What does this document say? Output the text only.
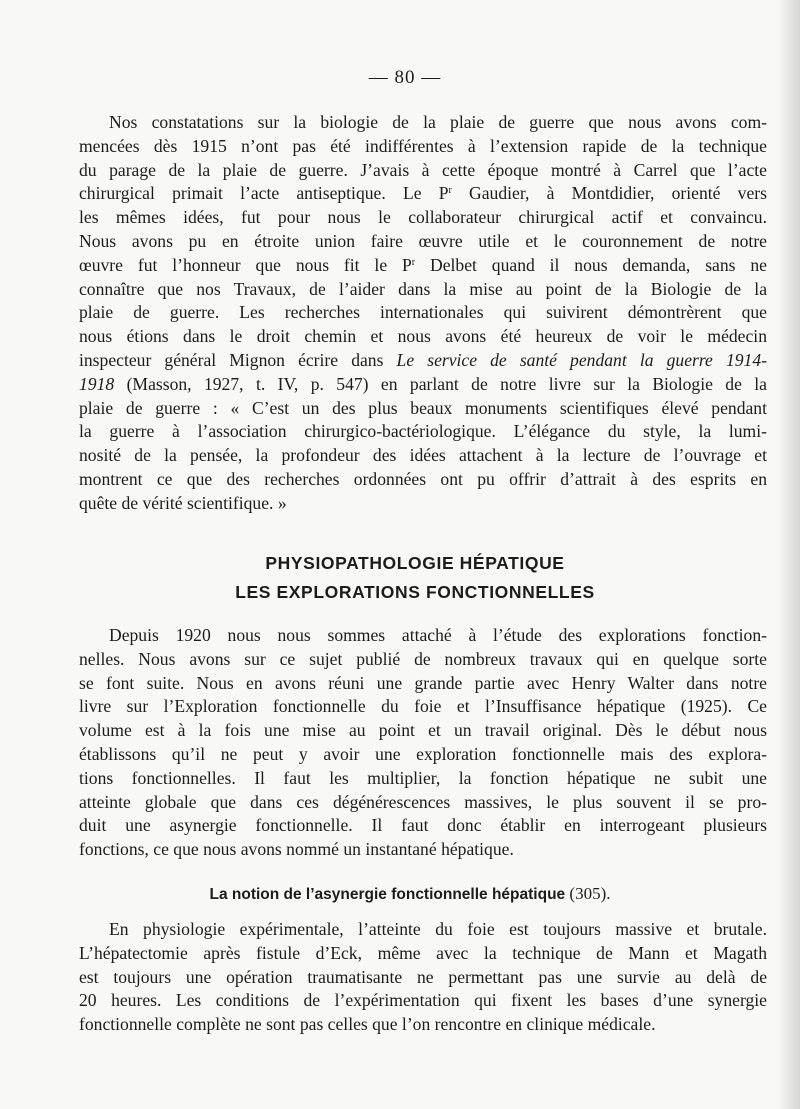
— 80 —
Nos constatations sur la biologie de la plaie de guerre que nous avons com-
mencées dès 1915 n’ont pas été indifférentes à l’extension rapide de la technique
du parage de la plaie de guerre. J’avais à cette époque montré à Carrel que l’acte
chirurgical primait l’acte antiseptique. Le $P^r$ Gaudier, à Montdidier, orienté vers
les mêmes idées, fut pour nous le collaborateur chirurgical actif et convaincu.
Nous avons pu en étroite union faire œuvre utile et le couronnement de notre
œuvre fut l’honneur que nous fit le $P^r$ Delbet quand il nous demanda, sans ne
connaître que nos Travaux, de l’aider dans la mise au point de la Biologie de la
plaie de guerre. Les recherches internationales qui suivirent démontrèrent que
nous étions dans le droit chemin et nous avons été heureux de voir le médecin
inspecteur général Mignon écrire dans Le service de santé pendant la guerre 1914-
1918 (Masson, 1927, t. IV, p. 547) en parlant de notre livre sur la Biologie de la
plaie de guerre : « C’est un des plus beaux monuments scientifiques élevé pendant
la guerre à l’association chirurgico-bactériologique. L’élégance du style, la lumi-
nosité de la pensée, la profondeur des idées attachent à la lecture de l’ouvrage et
montrent ce que des recherches ordonnées ont pu offrir d’attrait à des esprits en
quête de vérité scientifique. »
PHYSIOPATHOLOGIE HÉPATIQUE
LES EXPLORATIONS FONCTIONNELLES
Depuis 1920 nous nous sommes attaché à l’étude des explorations fonction-
nelles. Nous avons sur ce sujet publié de nombreux travaux qui en quelque sorte
se font suite. Nous en avons réuni une grande partie avec Henry Walter dans notre
livre sur l’Exploration fonctionnelle du foie et l’Insuffisance hépatique (1925). Ce
volume est à la fois une mise au point et un travail original. Dès le début nous
établissons qu’il ne peut y avoir une exploration fonctionnelle mais des explora-
tions fonctionnelles. Il faut les multiplier, la fonction hépatique ne subit une
atteinte globale que dans ces dégénérescences massives, le plus souvent il se pro-
duit une asynergie fonctionnelle. Il faut donc établir en interrogeant plusieurs
fonctions, ce que nous avons nommé un instantané hépatique.
La notion de l’asynergie fonctionnelle hépatique (305).
En physiologie expérimentale, l’atteinte du foie est toujours massive et brutale.
L’hépatectomie après fistule d’Eck, même avec la technique de Mann et Magath
est toujours une opération traumatisante ne permettant pas une survie au delà de
20 heures. Les conditions de l’expérimentation qui fixent les bases d’une synergie
fonctionnelle complète ne sont pas celles que l’on rencontre en clinique médicale.
